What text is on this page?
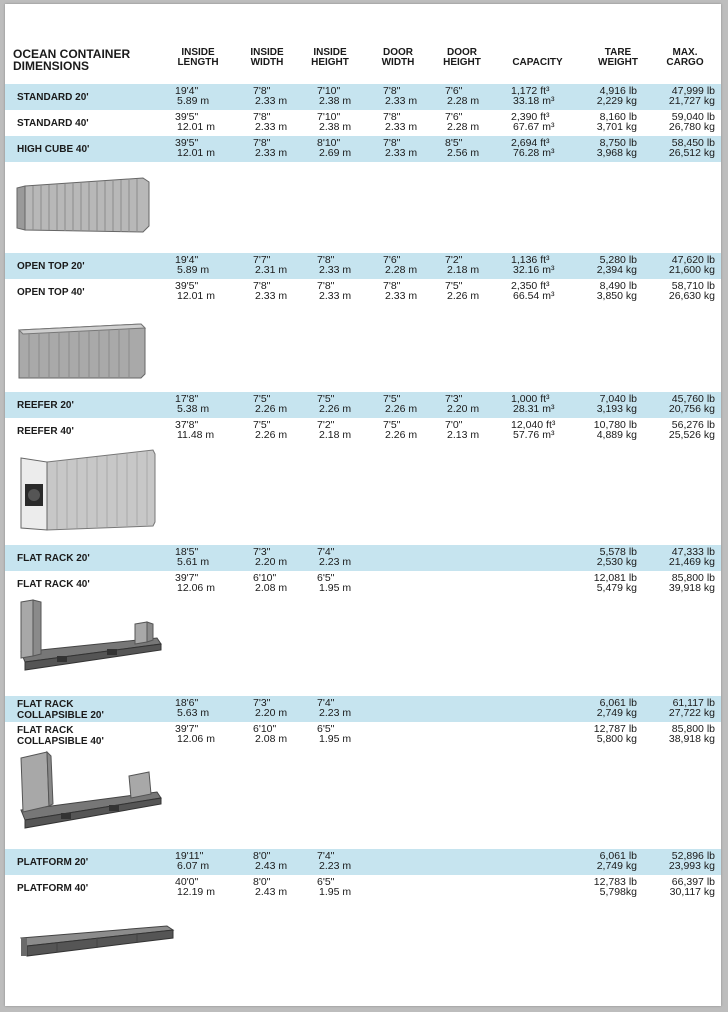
OCEAN CONTAINER
DIMENSIONS
INSIDE
LENGTH
INSIDE
WIDTH
INSIDE
HEIGHT
DOOR
WIDTH
DOOR
HEIGHT	CAPACITY
TARE
WEIGHT
MAX.
CARGO
STANDARD 20'
19'4"
5.89 m
7'8"
2.33 m
7'10"
2.38 m
7'8"
2.33 m
7'6"
2.28 m
1,172 ft³
33.18 m³
4,916 lb
2,229 kg
47,999 lb
21,727 kg
STANDARD 40'
39'5"
12.01 m
7'8"
2.33 m
7'10"
2.38 m
7'8"
2.33 m
7'6"
2.28 m
2,390 ft³
67.67 m³
8,160 lb
3,701 kg
59,040 lb
26,780 kg
HIGH CUBE 40'
39'5"
12.01 m
7'8"
2.33 m
8'10"
2.69 m
7'8"
2.33 m
8'5"
2.56 m
2,694 ft³
76.28 m³
8,750 lb
3,968 kg
58,450 lb
26,512 kg
OPEN TOP 20'
19'4"
5.89 m
7'7"
2.31 m
7'8"
2.33 m
7'6"
2.28 m
7'2"
2.18 m
1,136 ft³
32.16 m³
5,280 lb
2,394 kg
47,620 lb
21,600 kg
OPEN TOP 40'
39'5"
12.01 m
7'8"
2.33 m
7'8"
2.33 m
7'8"
2.33 m
7'5"
2.26 m
2,350 ft³
66.54 m³
8,490 lb
3,850 kg
58,710 lb
26,630 kg
REEFER 20'
17'8"
5.38 m
7'5"
2.26 m
7'5"
2.26 m
7'5"
2.26 m
7'3"
2.20 m
1,000 ft³
28.31 m³
7,040 lb
3,193 kg
45,760 lb
20,756 kg
REEFER 40'
37'8"
11.48 m
7'5"
2.26 m
7'2"
2.18 m
7'5"
2.26 m
7'0"
2.13 m
12,040 ft³
57.76 m³
10,780 lb
4,889 kg
56,276 lb
25,526 kg
FLAT RACK 20'
18'5"
5.61 m
7'3"
2.20 m
7'4"
2.23 m
5,578 lb
2,530 kg
47,333 lb
21,469 kg
FLAT RACK 40'
39'7"
12.06 m
6'10"
2.08 m
6'5"
1.95 m
12,081 lb
5,479 kg
85,800 lb
39,918 kg
FLAT RACK COLLAPSIBLE 20'
18'6"
5.63 m
7'3"
2.20 m
7'4"
2.23 m
6,061 lb
2,749 kg
61,117 lb
27,722 kg
FLAT RACK COLLAPSIBLE 40'
39'7"
12.06 m
6'10"
2.08 m
6'5"
1.95 m
12,787 lb
5,800 kg
85,800 lb
38,918 kg
PLATFORM 20'
19'11"
6.07 m
8'0"
2.43 m
7'4"
2.23 m
6,061 lb
2,749 kg
52,896 lb
23,993 kg
PLATFORM 40'
40'0"
12.19 m
8'0"
2.43 m
6'5"
1.95 m
12,783 lb
5,798kg
66,397 lb
30,117 kg
